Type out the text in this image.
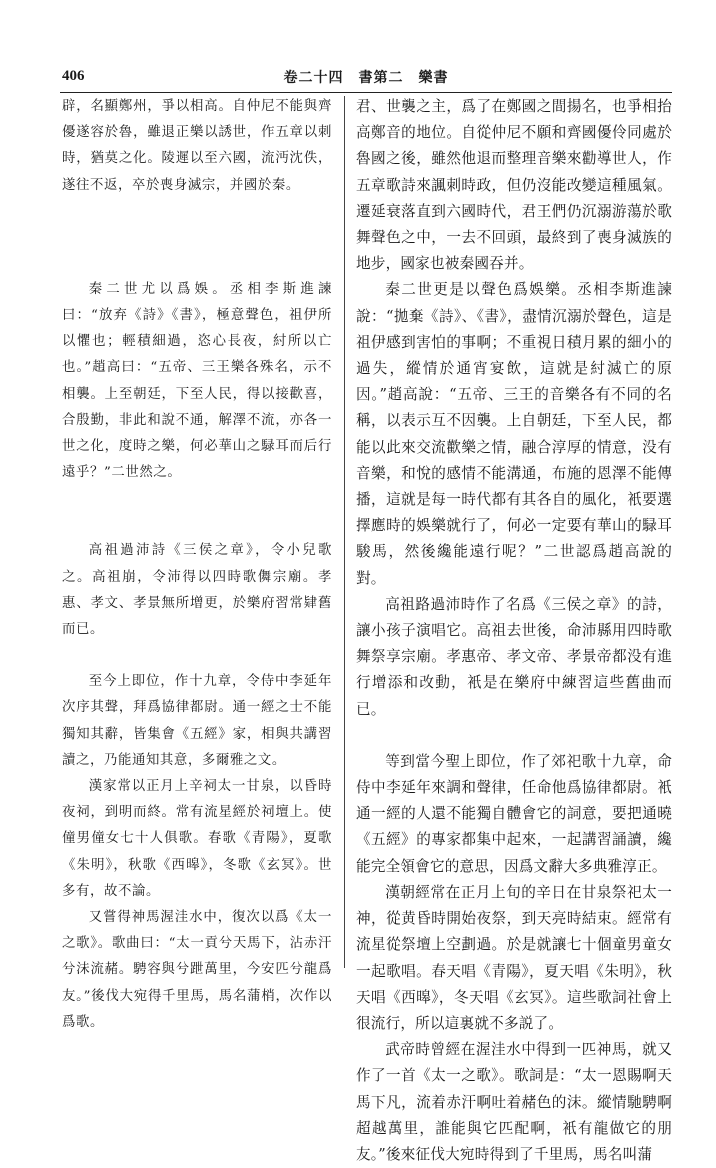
406	卷二十四　書第二　樂書

辟，名顯鄭州，爭以相高。自仲尼不能與齊優遂容於魯，雖退正樂以誘世，作五章以刺時，猶莫之化。陵遲以至六國，流沔沈佚，遂往不返，卒於喪身滅宗，并國於秦。

秦二世尤以爲娛。丞相李斯進諫曰：“放弃《詩》《書》，極意聲色，祖伊所以懼也；輕積細過，恣心長夜，紂所以亡也。”趙高曰：“五帝、三王樂各殊名，示不相襲。上至朝廷，下至人民，得以接歡喜，合殷勤，非此和說不通，解澤不流，亦各一世之化，度時之樂，何必華山之騄耳而后行遠乎？”二世然之。

高祖過沛詩《三侯之章》，令小兒歌之。高祖崩，令沛得以四時歌儛宗廟。孝惠、孝文、孝景無所增更，於樂府習常肄舊而已。

至今上即位，作十九章，令侍中李延年次序其聲，拜爲協律都尉。通一經之士不能獨知其辭，皆集會《五經》家，相與共講習讀之，乃能通知其意，多爾雅之文。

漢家常以正月上辛祠太一甘泉，以昏時夜祠，到明而終。常有流星經於祠壇上。使僮男僮女七十人俱歌。春歌《青陽》，夏歌《朱明》，秋歌《西暤》，冬歌《玄冥》。世多有，故不論。

又嘗得神馬渥洼水中，復次以爲《太一之歌》。歌曲曰：“太一貢兮天馬下，沾赤汗兮沬流赭。騁容與兮跇萬里，今安匹兮龍爲友。”後伐大宛得千里馬，馬名蒲梢，次作以爲歌。

君、世襲之主，爲了在鄭國之間揚名，也爭相抬高鄭音的地位。自從仲尼不願和齊國優伶同處於魯國之後，雖然他退而整理音樂來勸導世人，作五章歌詩來諷刺時政，但仍沒能改變這種風氣。遷延衰落直到六國時代，君王們仍沉溺游蕩於歌舞聲色之中，一去不回頭，最終到了喪身滅族的地步，國家也被秦國吞并。

秦二世更是以聲色爲娛樂。丞相李斯進諫說：“拋棄《詩》、《書》，盡情沉溺於聲色，這是祖伊感到害怕的事啊；不重視日積月累的細小的過失，縱情於通宵宴飲，這就是紂滅亡的原因。”趙高說：“五帝、三王的音樂各有不同的名稱，以表示互不因襲。上自朝廷，下至人民，都能以此來交流歡樂之情，融合淳厚的情意，没有音樂，和悅的感情不能溝通，布施的恩澤不能傳播，這就是每一時代都有其各自的風化，衹要選擇應時的娛樂就行了，何必一定要有華山的騄耳駿馬，然後纔能遠行呢？”二世認爲趙高說的對。

高祖路過沛時作了名爲《三侯之章》的詩，讓小孩子演唱它。高祖去世後，命沛縣用四時歌舞祭享宗廟。孝惠帝、孝文帝、孝景帝都没有進行增添和改動，衹是在樂府中練習這些舊曲而已。

等到當今聖上即位，作了郊祀歌十九章，命侍中李延年來調和聲律，任命他爲協律都尉。衹通一經的人還不能獨自體會它的詞意，要把通曉《五經》的專家都集中起來，一起講習誦讀，纔能完全領會它的意思，因爲文辭大多典雅淳正。

漢朝經常在正月上旬的辛日在甘泉祭祀太一神，從黄昏時開始夜祭，到天亮時結束。經常有流星從祭壇上空劃過。於是就讓七十個童男童女一起歌唱。春天唱《青陽》，夏天唱《朱明》，秋天唱《西暤》，冬天唱《玄冥》。這些歌詞社會上很流行，所以這裏就不多説了。

武帝時曾經在渥洼水中得到一匹神馬，就又作了一首《太一之歌》。歌詞是：“太一恩賜啊天馬下凡，流着赤汗啊吐着赭色的沫。縱情馳騁啊超越萬里，誰能與它匹配啊，衹有龍做它的朋友。”後來征伐大宛時得到了千里馬，馬名叫蒲
